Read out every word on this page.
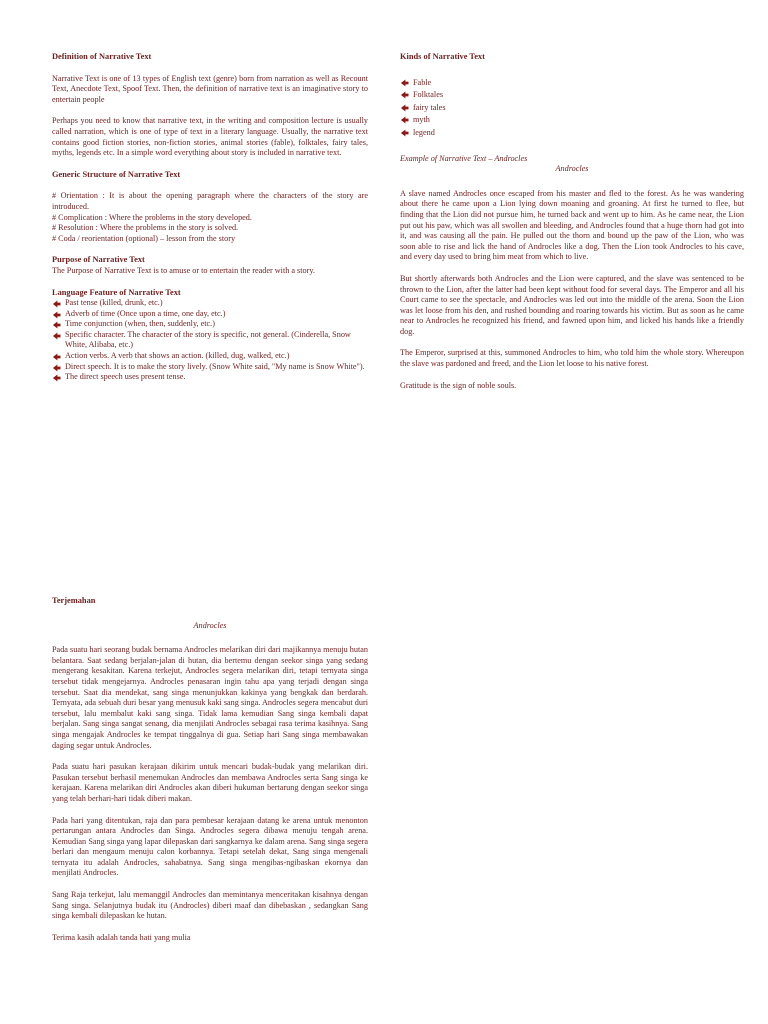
Definition of Narrative Text

Narrative Text is one of 13 types of English text (genre) born from narration as well as Recount Text, Anecdote Text, Spoof Text. Then, the definition of narrative text is an imaginative story to entertain people

Perhaps you need to know that narrative text, in the writing and composition lecture is usually called narration, which is one of type of text in a literary language. Usually, the narrative text contains good fiction stories, non-fiction stories, animal stories (fable), folktales, fairy tales, myths, legends etc. In a simple word everything about story is included in narrative text.

Generic Structure of Narrative Text

# Orientation : It is about the opening paragraph where the characters of the story are introduced.

# Complication : Where the problems in the story developed.

# Resolution : Where the problems in the story is solved.

# Coda / reorientation (optional) – lesson from the story

Purpose of Narrative Text

The Purpose of Narrative Text is to amuse or to entertain the reader with a story.

Language Feature of Narrative Text
Past tense (killed, drunk, etc.)
Adverb of time (Once upon a time, one day, etc.)
Time conjunction (when, then, suddenly, etc.)
Specific character. The character of the story is specific, not general. (Cinderella, Snow White, Alibaba, etc.)
Action verbs. A verb that shows an action. (killed, dug, walked, etc.)
Direct speech. It is to make the story lively. (Snow White said, "My name is Snow White").
The direct speech uses present tense.
Kinds of Narrative Text
Fable
Folktales
fairy tales
myth
legend

Example of Narrative Text – Androcles

Androcles

A slave named Androcles once escaped from his master and fled to the forest. As he was wandering about there he came upon a Lion lying down moaning and groaning. At first he turned to flee, but finding that the Lion did not pursue him, he turned back and went up to him. As he came near, the Lion put out his paw, which was all swollen and bleeding, and Androcles found that a huge thorn had got into it, and was causing all the pain. He pulled out the thorn and bound up the paw of the Lion, who was soon able to rise and lick the hand of Androcles like a dog. Then the Lion took Androcles to his cave, and every day used to bring him meat from which to live.

But shortly afterwards both Androcles and the Lion were captured, and the slave was sentenced to be thrown to the Lion, after the latter had been kept without food for several days. The Emperor and all his Court came to see the spectacle, and Androcles was led out into the middle of the arena. Soon the Lion was let loose from his den, and rushed bounding and roaring towards his victim. But as soon as he came near to Androcles he recognized his friend, and fawned upon him, and licked his hands like a friendly dog.

The Emperor, surprised at this, summoned Androcles to him, who told him the whole story. Whereupon the slave was pardoned and freed, and the Lion let loose to his native forest.

Gratitude is the sign of noble souls.

Terjemahan

Androcles

Pada suatu hari seorang budak bernama Androcles melarikan diri dari majikannya menuju hutan belantara. Saat sedang berjalan-jalan di hutan, dia bertemu dengan seekor singa yang sedang mengerang kesakitan. Karena terkejut, Androcles segera melarikan diri, tetapi ternyata singa tersebut tidak mengejarnya. Androcles penasaran ingin tahu apa yang terjadi dengan singa tersebut. Saat dia mendekat, sang singa menunjukkan kakinya yang bengkak dan berdarah. Ternyata, ada sebuah duri besar yang menusuk kaki sang singa. Androcles segera mencabut duri tersebut, lalu membalut kaki sang singa. Tidak lama kemudian Sang singa kembali dapat berjalan. Sang singa sangat senang, dia menjilati Androcles sebagai rasa terima kasihnya. Sang singa mengajak Androcles ke tempat tinggalnya di gua. Setiap hari Sang singa membawakan daging segar untuk Androcles.

Pada suatu hari pasukan kerajaan dikirim untuk mencari budak-budak yang melarikan diri. Pasukan tersebut berhasil menemukan Androcles dan membawa Androcles serta Sang singa ke kerajaan. Karena melarikan diri Androcles akan diberi hukuman bertarung dengan seekor singa yang telah berhari-hari tidak diberi makan.

Pada hari yang ditentukan, raja dan para pembesar kerajaan datang ke arena untuk menonton pertarungan antara Androcles dan Singa. Androcles segera dibawa menuju tengah arena. Kemudian Sang singa yang lapar dilepaskan dari sangkarnya ke dalam arena. Sang singa segera berlari dan mengaum menuju calon korbannya. Tetapi setelah dekat, Sang singa mengenali ternyata itu adalah Androcles, sahabatnya. Sang singa mengibas-ngibaskan ekornya dan menjilati Androcles.

Sang Raja terkejut, lalu memanggil Androcles dan memintanya menceritakan kisahnya dengan Sang singa. Selanjutnya budak itu (Androcles) diberi maaf dan dibebaskan , sedangkan Sang singa kembali dilepaskan ke hutan.

Terima kasih adalah tanda hati yang mulia
